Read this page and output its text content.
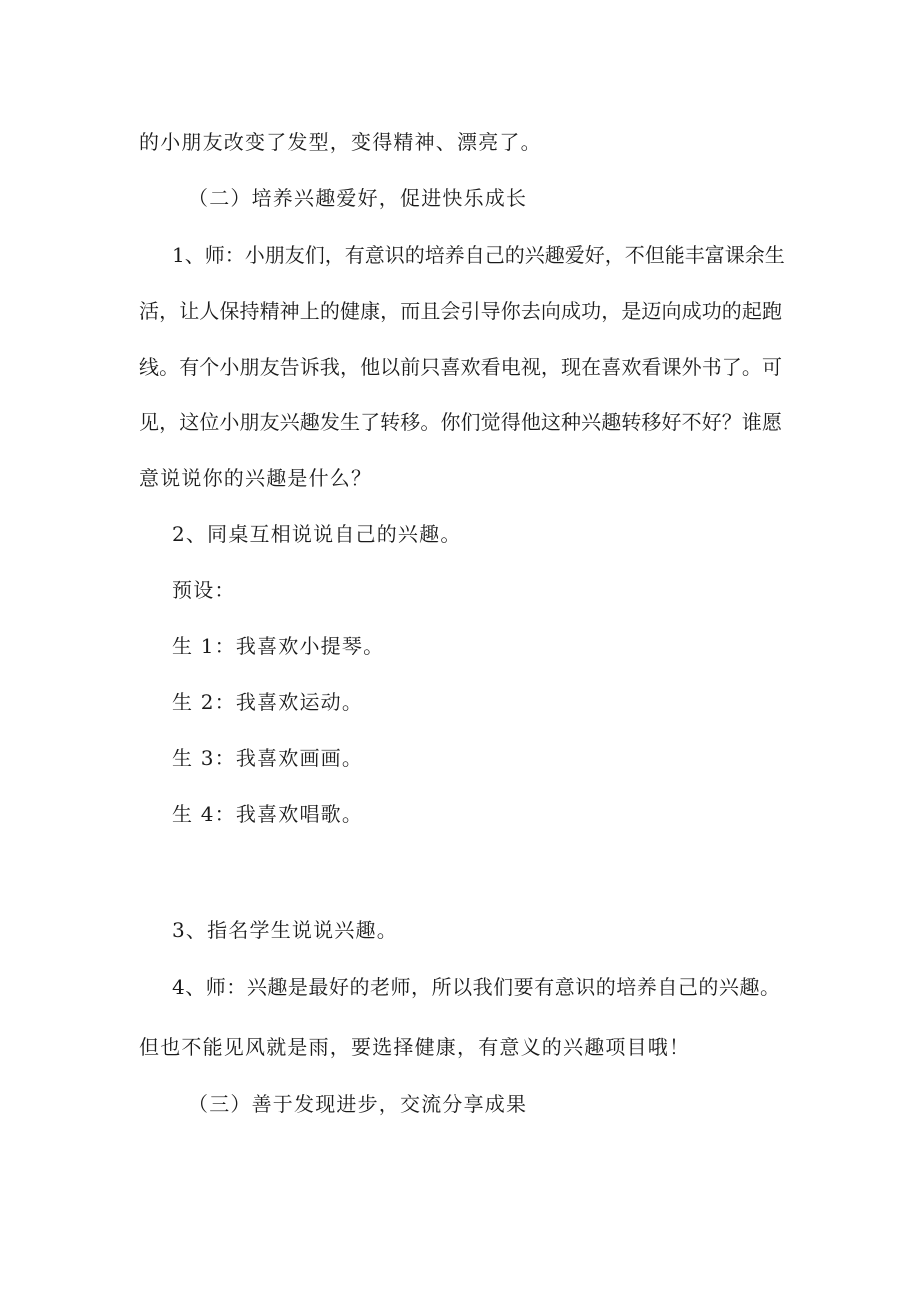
的小朋友改变了发型，变得精神、漂亮了。
（二）培养兴趣爱好，促进快乐成长
1、师：小朋友们，有意识的培养自己的兴趣爱好，不但能丰富课余生
活，让人保持精神上的健康，而且会引导你去向成功，是迈向成功的起跑
线。有个小朋友告诉我，他以前只喜欢看电视，现在喜欢看课外书了。可
见，这位小朋友兴趣发生了转移。你们觉得他这种兴趣转移好不好？谁愿
意说说你的兴趣是什么？
2、同桌互相说说自己的兴趣。
预设：
生 1：我喜欢小提琴。
生 2：我喜欢运动。
生 3：我喜欢画画。
生 4：我喜欢唱歌。
3、指名学生说说兴趣。
4、师：兴趣是最好的老师，所以我们要有意识的培养自己的兴趣。
但也不能见风就是雨，要选择健康，有意义的兴趣项目哦！
（三）善于发现进步，交流分享成果
